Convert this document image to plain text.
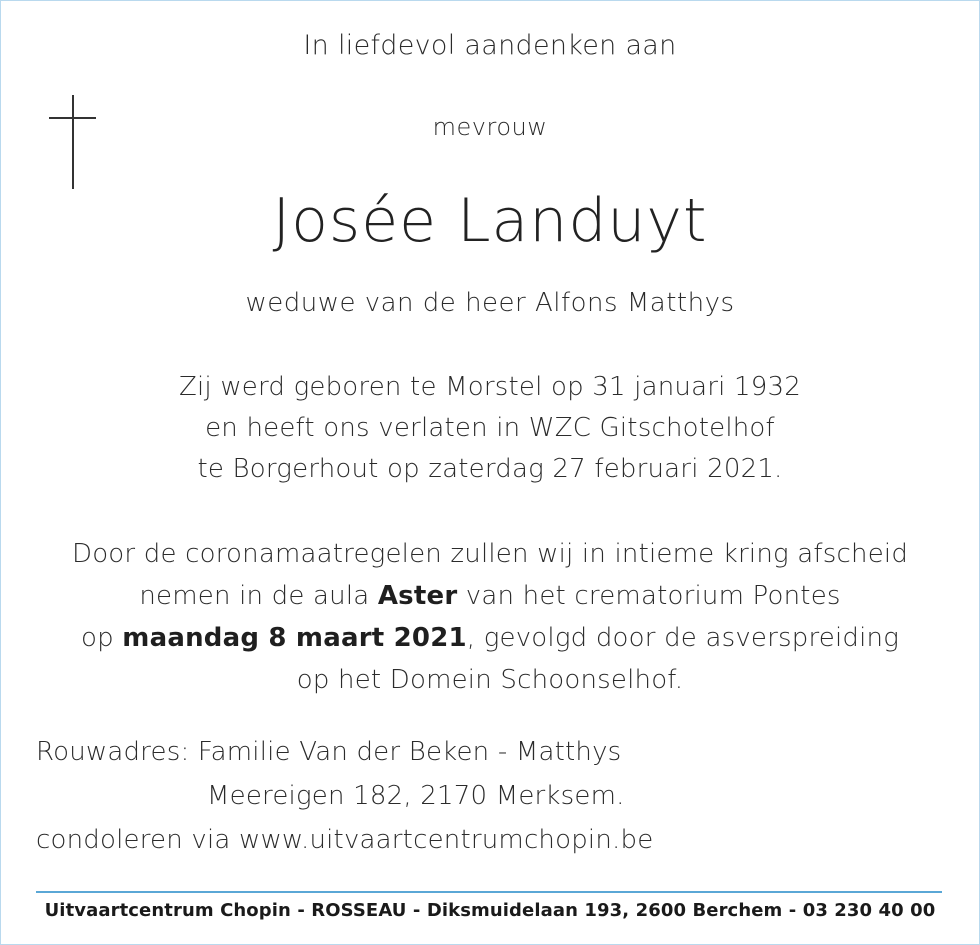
In liefdevol aandenken aan
mevrouw
Josée Landuyt
weduwe van de heer Alfons Matthys
Zij werd geboren te Morstel op 31 januari 1932
en heeft ons verlaten in WZC Gitschotelhof
te Borgerhout op zaterdag 27 februari 2021.
Door de coronamaatregelen zullen wij in intieme kring afscheid
nemen in de aula Aster van het crematorium Pontes
op maandag 8 maart 2021, gevolgd door de asverspreiding
op het Domein Schoonselhof.
Rouwadres: Familie Van der Beken - Matthys
Meereigen 182, 2170 Merksem.
condoleren via www.uitvaartcentrumchopin.be
Uitvaartcentrum Chopin - ROSSEAU - Diksmuidelaan 193, 2600 Berchem - 03 230 40 00
